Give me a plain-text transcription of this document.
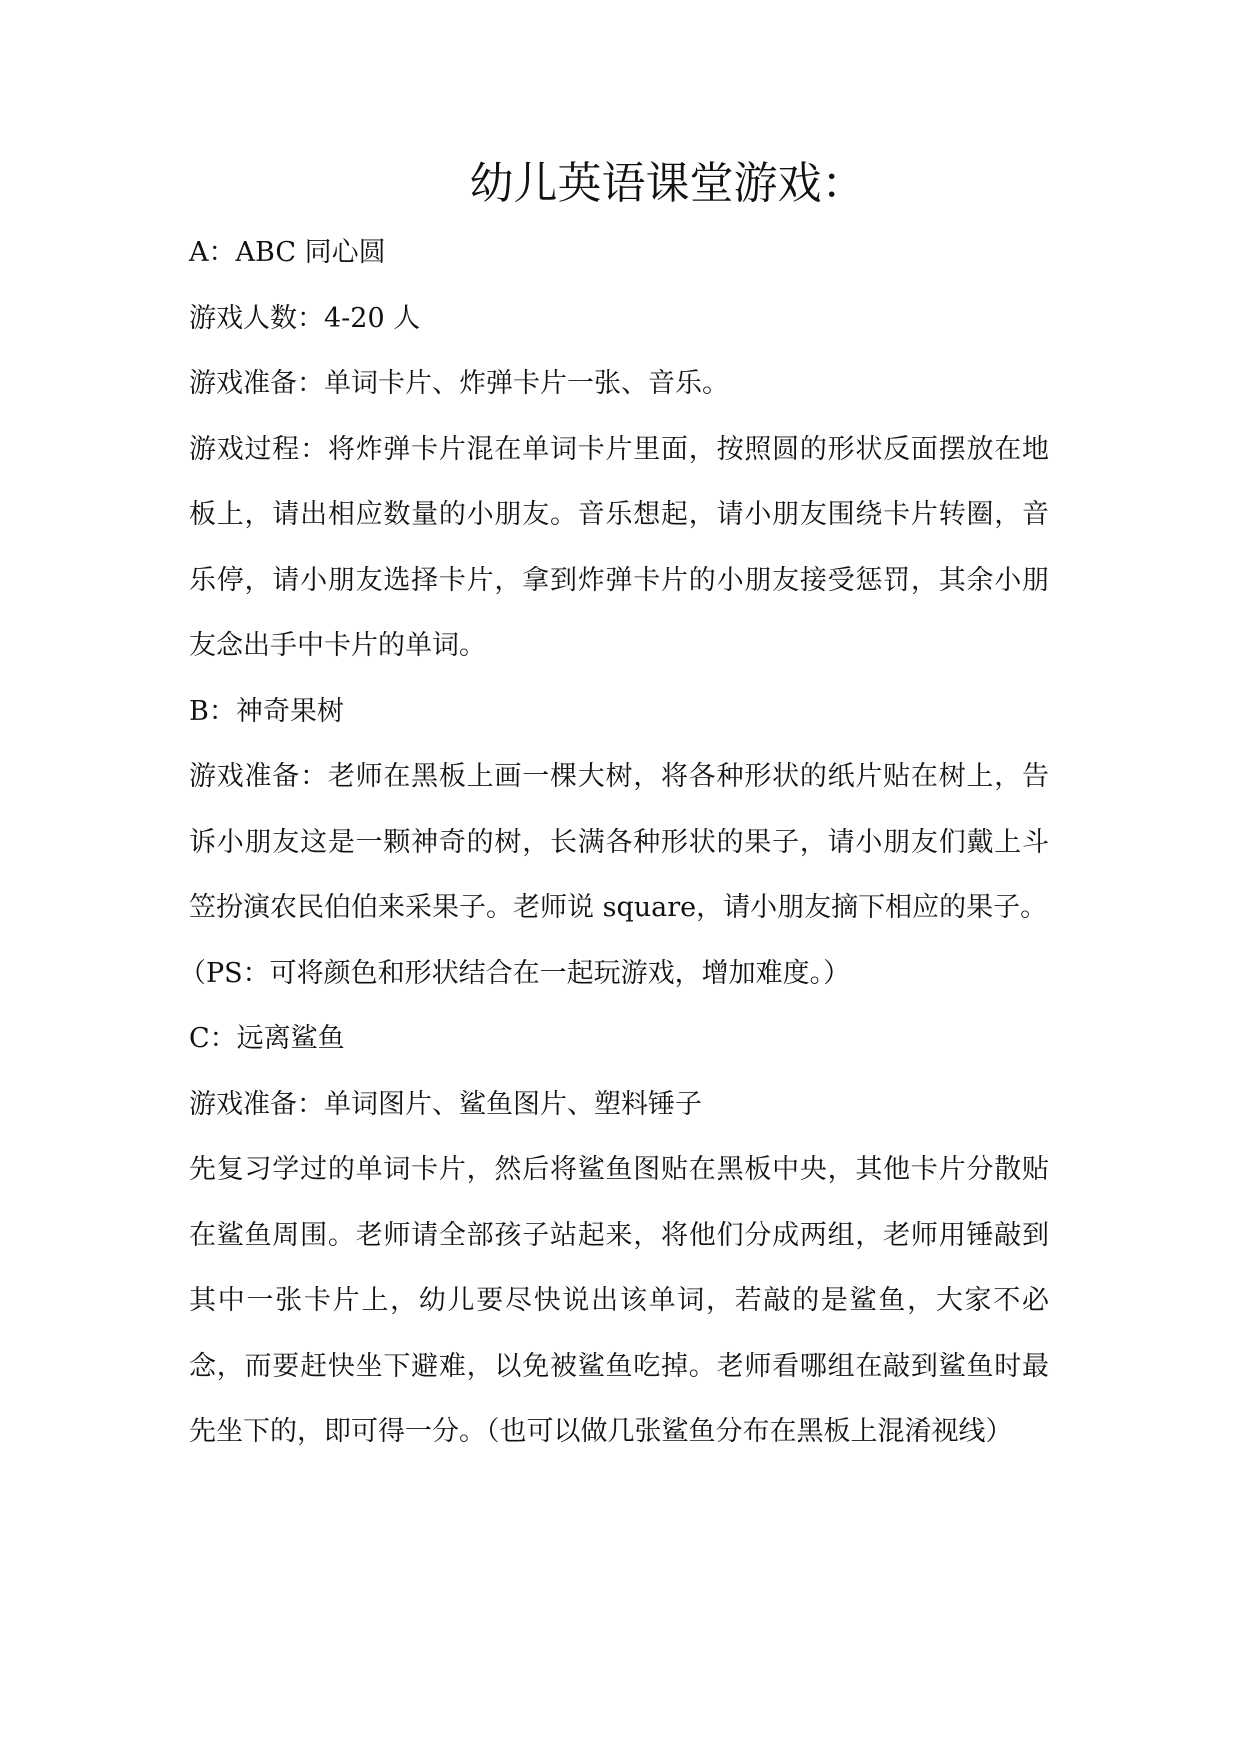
幼儿英语课堂游戏：

A：ABC 同心圆

游戏人数：4-20 人

游戏准备：单词卡片、炸弹卡片一张、音乐。

游戏过程：将炸弹卡片混在单词卡片里面，按照圆的形状反面摆放在地板上，请出相应数量的小朋友。音乐想起，请小朋友围绕卡片转圈，音乐停，请小朋友选择卡片，拿到炸弹卡片的小朋友接受惩罚，其余小朋友念出手中卡片的单词。

B：神奇果树

游戏准备：老师在黑板上画一棵大树，将各种形状的纸片贴在树上，告诉小朋友这是一颗神奇的树，长满各种形状的果子，请小朋友们戴上斗笠扮演农民伯伯来采果子。老师说 square，请小朋友摘下相应的果子。

（PS：可将颜色和形状结合在一起玩游戏，增加难度。）

C：远离鲨鱼

游戏准备：单词图片、鲨鱼图片、塑料锤子

先复习学过的单词卡片，然后将鲨鱼图贴在黑板中央，其他卡片分散贴在鲨鱼周围。老师请全部孩子站起来，将他们分成两组，老师用锤敲到其中一张卡片上，幼儿要尽快说出该单词，若敲的是鲨鱼，大家不必念，而要赶快坐下避难，以免被鲨鱼吃掉。老师看哪组在敲到鲨鱼时最先坐下的，即可得一分。（也可以做几张鲨鱼分布在黑板上混淆视线）
